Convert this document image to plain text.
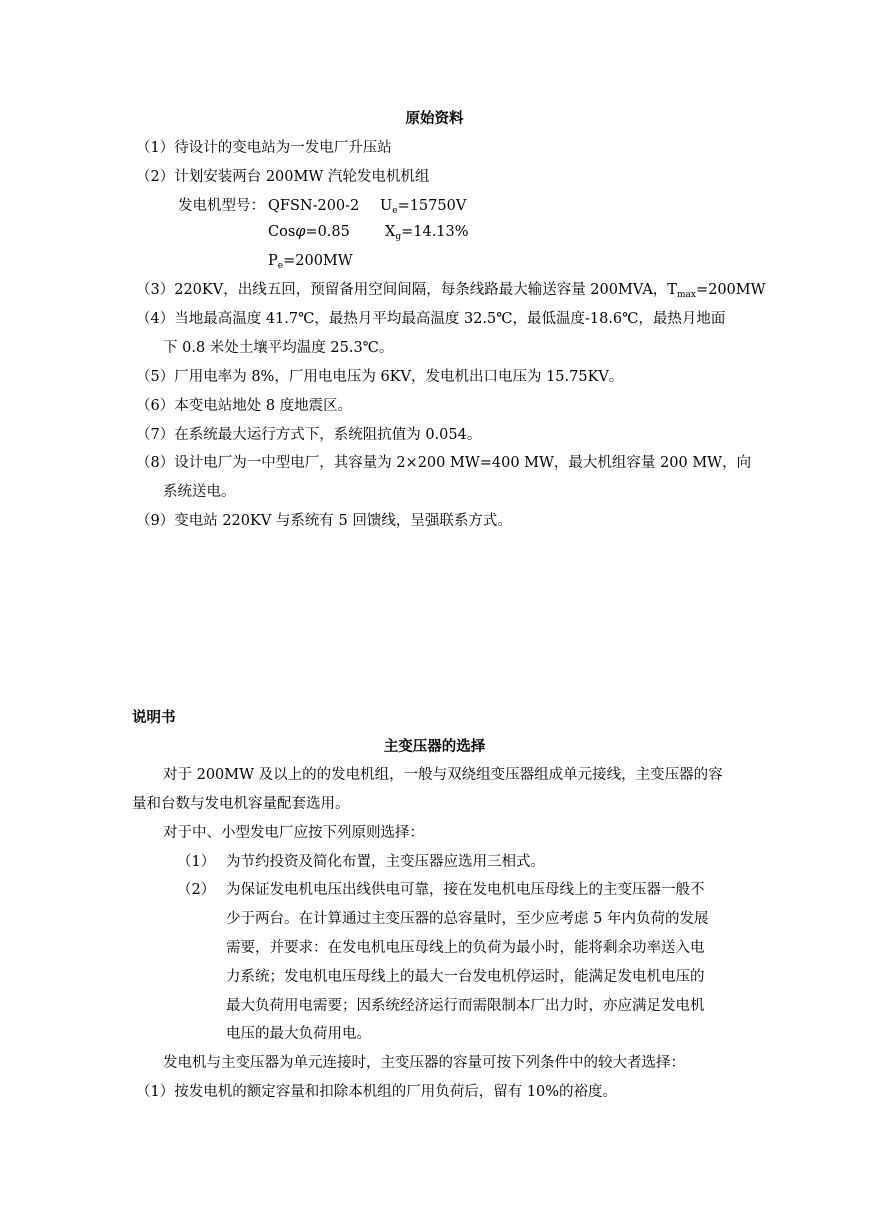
原始资料
（1）待设计的变电站为一发电厂升压站
（2）计划安装两台 200MW 汽轮发电机机组
发电机型号： QFSN-200-2 $U_e=15750V$
Cosφ=0.85 $X_g=14.13\%$
$P_e=200MW$
（3）220KV，出线五回，预留备用空间间隔，每条线路最大输送容量 200MVA，$T_{max}=200MW$
（4）当地最高温度 41.7℃，最热月平均最高温度 32.5℃，最低温度-18.6℃，最热月地面
下 0.8 米处土壤平均温度 25.3℃。
（5）厂用电率为 8%，厂用电电压为 6KV，发电机出口电压为 15.75KV。
（6）本变电站地处 8 度地震区。
（7）在系统最大运行方式下，系统阻抗值为 0.054。
（8）设计电厂为一中型电厂，其容量为 2×200 MW=400 MW，最大机组容量 200 MW，向
系统送电。
（9）变电站 220KV 与系统有 5 回馈线，呈强联系方式。
说明书
主变压器的选择
对于 200MW 及以上的的发电机组，一般与双绕组变压器组成单元接线，主变压器的容
量和台数与发电机容量配套选用。
对于中、小型发电厂应按下列原则选择：
（1） 为节约投资及简化布置，主变压器应选用三相式。
（2） 为保证发电机电压出线供电可靠，接在发电机电压母线上的主变压器一般不
少于两台。在计算通过主变压器的总容量时，至少应考虑 5 年内负荷的发展
需要，并要求：在发电机电压母线上的负荷为最小时，能将剩余功率送入电
力系统；发电机电压母线上的最大一台发电机停运时，能满足发电机电压的
最大负荷用电需要；因系统经济运行而需限制本厂出力时，亦应满足发电机
电压的最大负荷用电。
发电机与主变压器为单元连接时，主变压器的容量可按下列条件中的较大者选择：
（1）按发电机的额定容量和扣除本机组的厂用负荷后，留有 10%的裕度。
